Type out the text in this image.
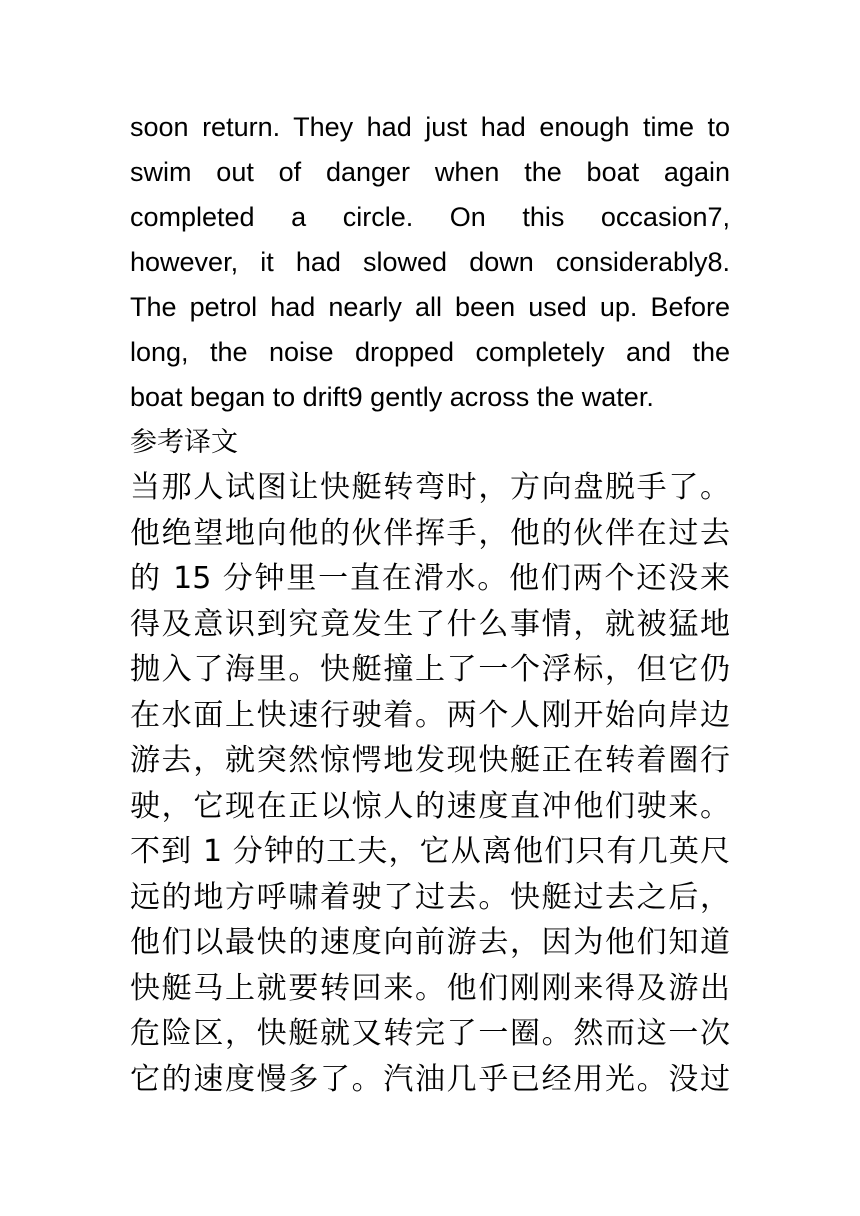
soon return. They had just had enough time to
swim out of danger when the boat again
completed a circle. On this occasion7,
however, it had slowed down considerably8.
The petrol had nearly all been used up. Before
long, the noise dropped completely and the
boat began to drift9 gently across the water.
参考译文
当那人试图让快艇转弯时，方向盘脱手了。
他绝望地向他的伙伴挥手，他的伙伴在过去
的 15 分钟里一直在滑水。他们两个还没来
得及意识到究竟发生了什么事情，就被猛地
抛入了海里。快艇撞上了一个浮标，但它仍
在水面上快速行驶着。两个人刚开始向岸边
游去，就突然惊愕地发现快艇正在转着圈行
驶，它现在正以惊人的速度直冲他们驶来。
不到 1 分钟的工夫，它从离他们只有几英尺
远的地方呼啸着驶了过去。快艇过去之后，
他们以最快的速度向前游去，因为他们知道
快艇马上就要转回来。他们刚刚来得及游出
危险区，快艇就又转完了一圈。然而这一次
它的速度慢多了。汽油几乎已经用光。没过
